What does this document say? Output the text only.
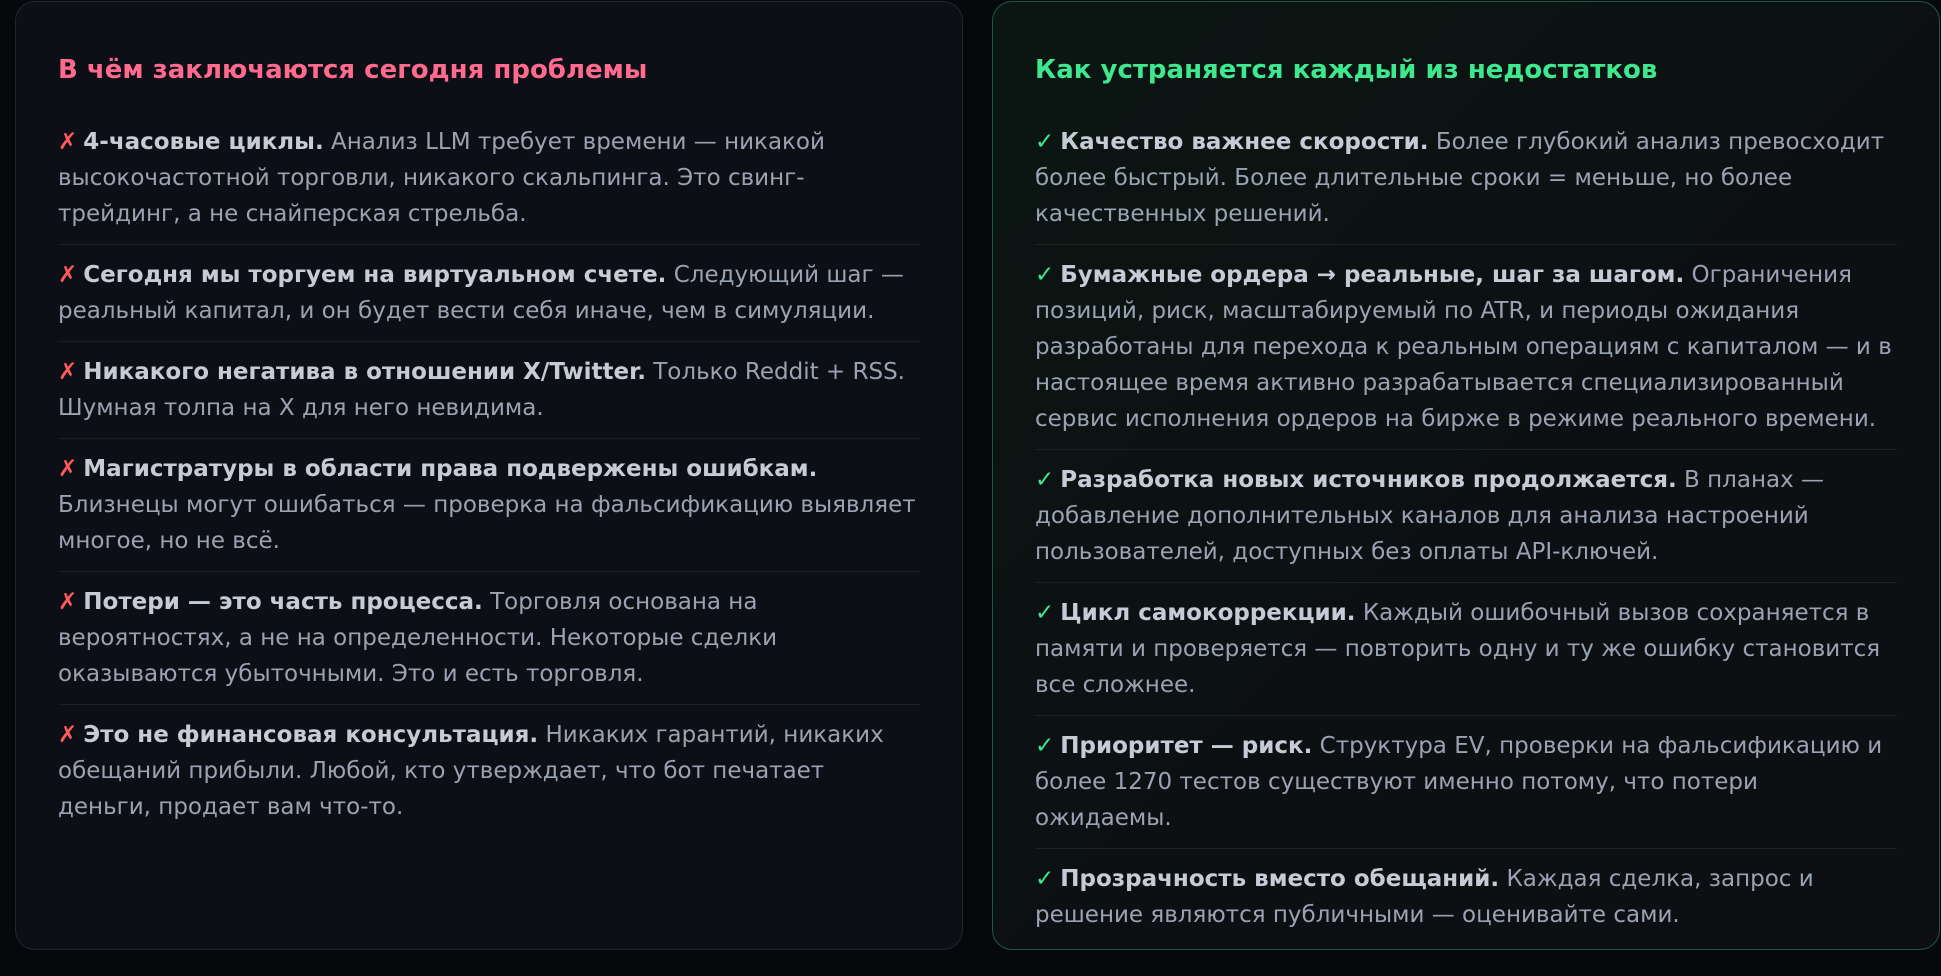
В чём заключаются сегодня проблемы
✗ 4-часовые циклы. Анализ LLM требует времени — никакой высокочастотной торговли, никакого скальпинга. Это свинг-трейдинг, а не снайперская стрельба.
✗ Сегодня мы торгуем на виртуальном счете. Следующий шаг — реальный капитал, и он будет вести себя иначе, чем в симуляции.
✗ Никакого негатива в отношении X/Twitter. Только Reddit + RSS. Шумная толпа на X для него невидима.
✗ Магистратуры в области права подвержены ошибкам. Близнецы могут ошибаться — проверка на фальсификацию выявляет многое, но не всё.
✗ Потери — это часть процесса. Торговля основана на вероятностях, а не на определенности. Некоторые сделки оказываются убыточными. Это и есть торговля.
✗ Это не финансовая консультация. Никаких гарантий, никаких обещаний прибыли. Любой, кто утверждает, что бот печатает деньги, продает вам что-то.
Как устраняется каждый из недостатков
✓ Качество важнее скорости. Более глубокий анализ превосходит более быстрый. Более длительные сроки = меньше, но более качественных решений.
✓ Бумажные ордера → реальные, шаг за шагом. Ограничения позиций, риск, масштабируемый по ATR, и периоды ожидания разработаны для перехода к реальным операциям с капиталом — и в настоящее время активно разрабатывается специализированный сервис исполнения ордеров на бирже в режиме реального времени.
✓ Разработка новых источников продолжается. В планах — добавление дополнительных каналов для анализа настроений пользователей, доступных без оплаты API-ключей.
✓ Цикл самокоррекции. Каждый ошибочный вызов сохраняется в памяти и проверяется — повторить одну и ту же ошибку становится все сложнее.
✓ Приоритет — риск. Структура EV, проверки на фальсификацию и более 1270 тестов существуют именно потому, что потери ожидаемы.
✓ Прозрачность вместо обещаний. Каждая сделка, запрос и решение являются публичными — оценивайте сами.
